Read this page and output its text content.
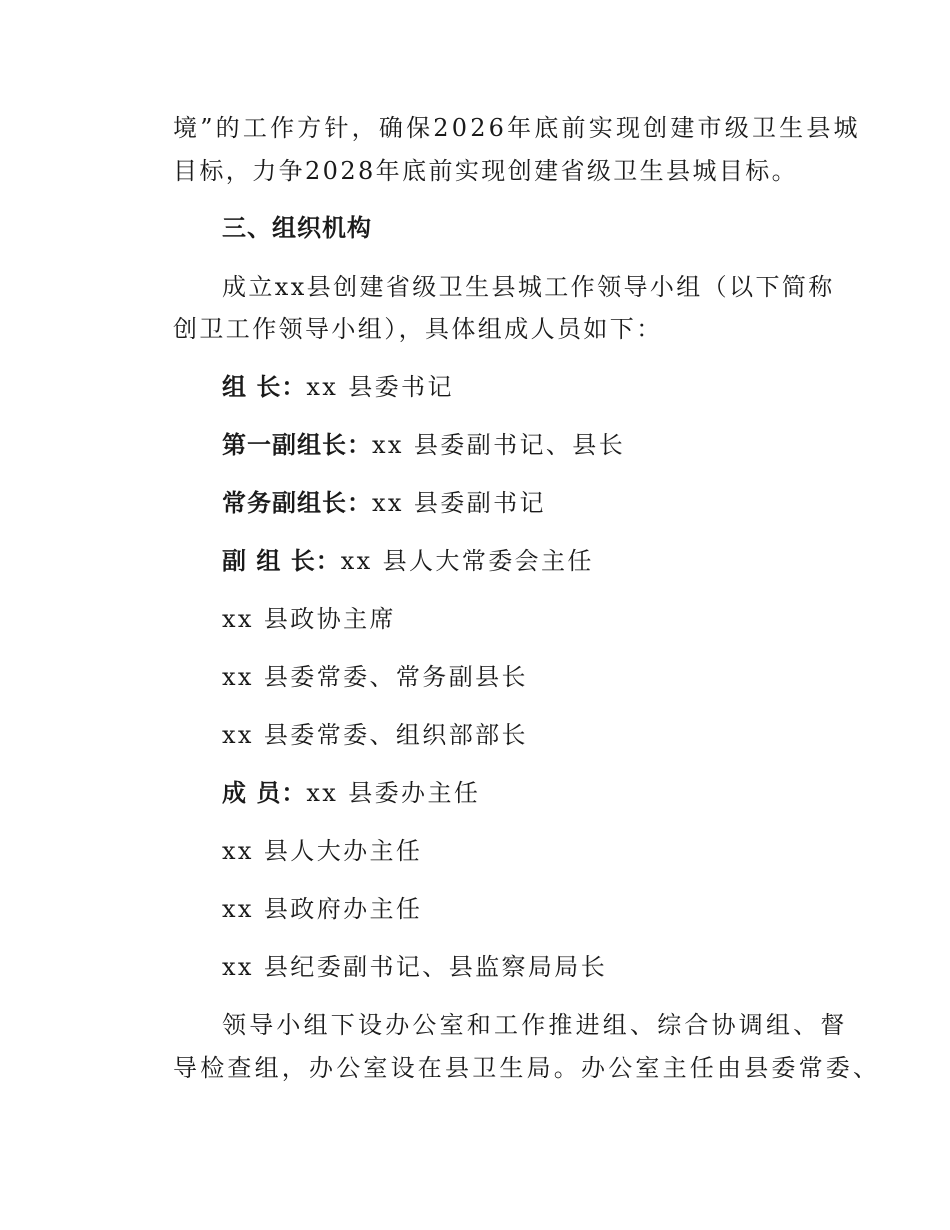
境”的工作方针，确保2026年底前实现创建市级卫生县城
目标，力争2028年底前实现创建省级卫生县城目标。
三、组织机构
成立xx县创建省级卫生县城工作领导小组（以下简称
创卫工作领导小组），具体组成人员如下：
组 长：xx 县委书记
第一副组长：xx 县委副书记、县长
常务副组长：xx 县委副书记
副 组 长：xx 县人大常委会主任
xx 县政协主席
xx 县委常委、常务副县长
xx 县委常委、组织部部长
成 员：xx 县委办主任
xx 县人大办主任
xx 县政府办主任
xx 县纪委副书记、县监察局局长
领导小组下设办公室和工作推进组、综合协调组、督
导检查组，办公室设在县卫生局。办公室主任由县委常委、
